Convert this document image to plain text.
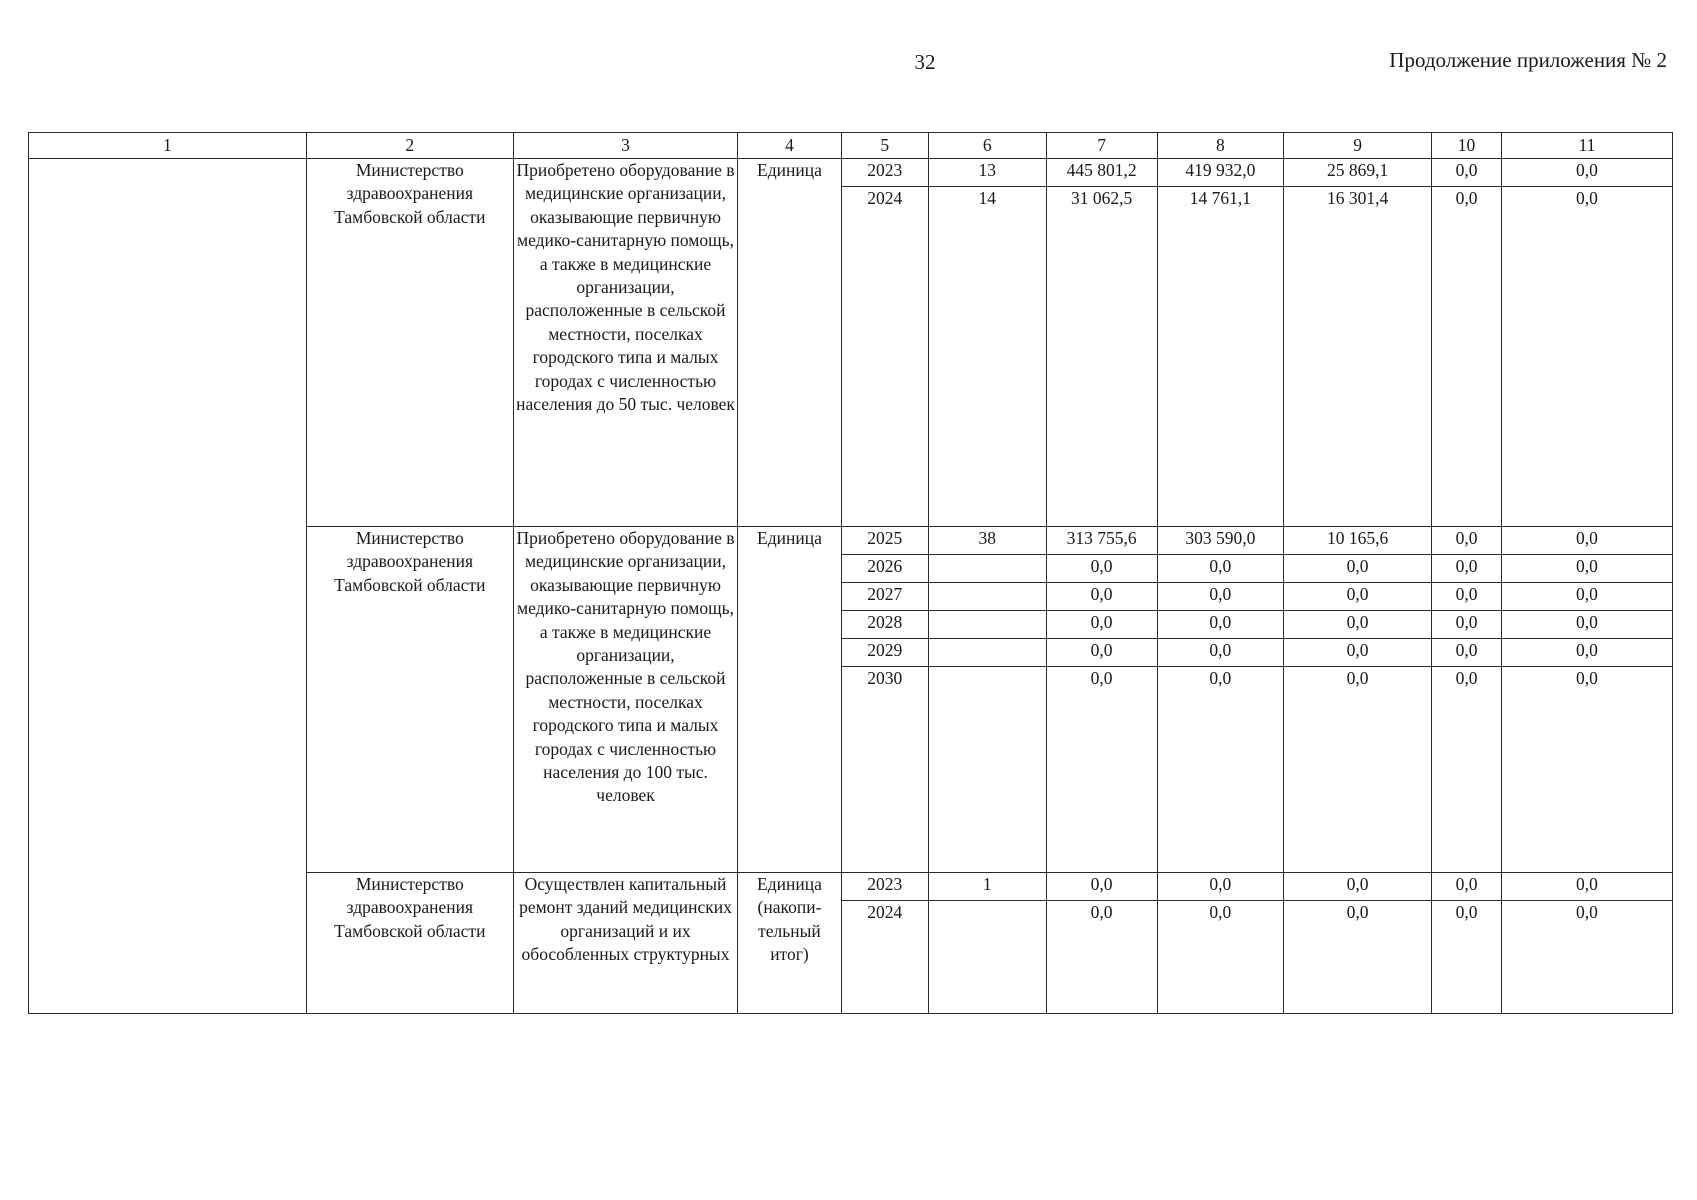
32	Продолжение приложения № 2
1	2	3	4	5	6	7	8	9	10	11
	Министерство здравоохранения Тамбовской области	Приобретено оборудование в медицинские организации, оказывающие первичную медико-санитарную помощь, а также в медицинские организации, расположенные в сельской местности, поселках городского типа и малых городах с численностью населения до 50 тыс. человек	Единица	2023	13	445 801,2	419 932,0	25 869,1	0,0	0,0
				2024	14	31 062,5	14 761,1	16 301,4	0,0	0,0
	Министерство здравоохранения Тамбовской области	Приобретено оборудование в медицинские организации, оказывающие первичную медико-санитарную помощь, а также в медицинские организации, расположенные в сельской местности, поселках городского типа и малых городах с численностью населения до 100 тыс. человек	Единица	2025	38	313 755,6	303 590,0	10 165,6	0,0	0,0
				2026		0,0	0,0	0,0	0,0	0,0
				2027		0,0	0,0	0,0	0,0	0,0
				2028		0,0	0,0	0,0	0,0	0,0
				2029		0,0	0,0	0,0	0,0	0,0
				2030		0,0	0,0	0,0	0,0	0,0
	Министерство здравоохранения Тамбовской области	Осуществлен капитальный ремонт зданий медицинских организаций и их обособленных структурных	Единица (накопи-тельный итог)	2023	1	0,0	0,0	0,0	0,0	0,0
				2024		0,0	0,0	0,0	0,0	0,0
